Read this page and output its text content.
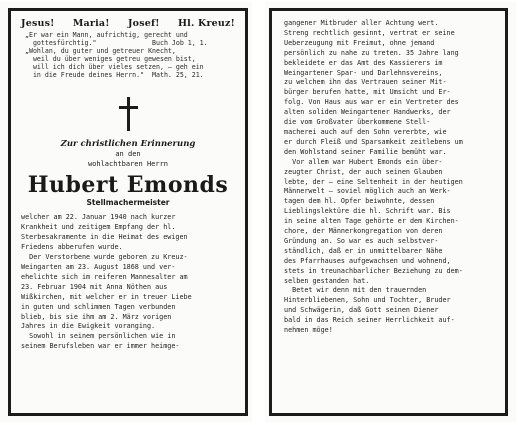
Jesus! Maria! Josef! Hl. Kreuz!
„Er war ein Mann, aufrichtig, gerecht und
gottesfürchtig."              Buch Job 1, 1.
„Wohlan, du guter und getreuer Knecht,
weil du über weniges getreu gewesen bist,
will ich dich über vieles setzen, — geh ein
in die Freude deines Herrn."  Math. 25, 21.
Zur christlichen Erinnerung
an den
wohlachtbaren Herrn
Hubert Emonds
Stellmachermeister
welcher am 22. Januar 1940 nach kurzer
Krankheit und zeitigem Empfang der hl.
Sterbesakramente in die Heimat des ewigen
Friedens abberufen wurde.
Der Verstorbene wurde geboren zu Kreuz-
Weingarten am 23. August 1868 und ver-
ehelichte sich im reiferen Mannesalter am
23. Februar 1904 mit Anna Nöthen aus
Wißkirchen, mit welcher er in treuer Liebe
in guten und schlimmen Tagen verbunden
blieb, bis sie ihm am 2. März vorigen
Jahres in die Ewigkeit voranging.
Sowohl in seinem persönlichen wie in
seinem Berufsleben war er immer heimge-
gangener Mitbruder aller Achtung wert.
Streng rechtlich gesinnt, vertrat er seine
Ueberzeugung mit Freimut, ohne jemand
persönlich zu nahe zu treten. 35 Jahre lang
bekleidete er das Amt des Kassierers im
Weingartener Spar- und Darlehnsvereins,
zu welchem ihn das Vertrauen seiner Mit-
bürger berufen hatte, mit Umsicht und Er-
folg. Von Haus aus war er ein Vertreter des
alten soliden Weingartener Handwerks, der
die vom Großvater überkommene Stell-
macherei auch auf den Sohn vererbte, wie
er durch Fleiß und Sparsamkeit zeitlebens um
den Wohlstand seiner Familie bemüht war.
Vor allem war Hubert Emonds ein über-
zeugter Christ, der auch seinen Glauben
lebte, der — eine Seltenheit in der heutigen
Männerwelt — soviel möglich auch an Werk-
tagen dem hl. Opfer beiwohnte, dessen
Lieblingslektüre die hl. Schrift war. Bis
in seine alten Tage gehörte er dem Kirchen-
chore, der Männerkongregation von deren
Gründung an. So war es auch selbstver-
ständlich, daß er in unmittelbarer Nähe
des Pfarrhauses aufgewachsen und wohnend,
stets in treunachbarlicher Beziehung zu dem-
selben gestanden hat.
Betet wir denn mit den trauernden
Hinterbliebenen, Sohn und Tochter, Bruder
und Schwägerin, daß Gott seinen Diener
bald in das Reich seiner Herrlichkeit auf-
nehmen möge!
